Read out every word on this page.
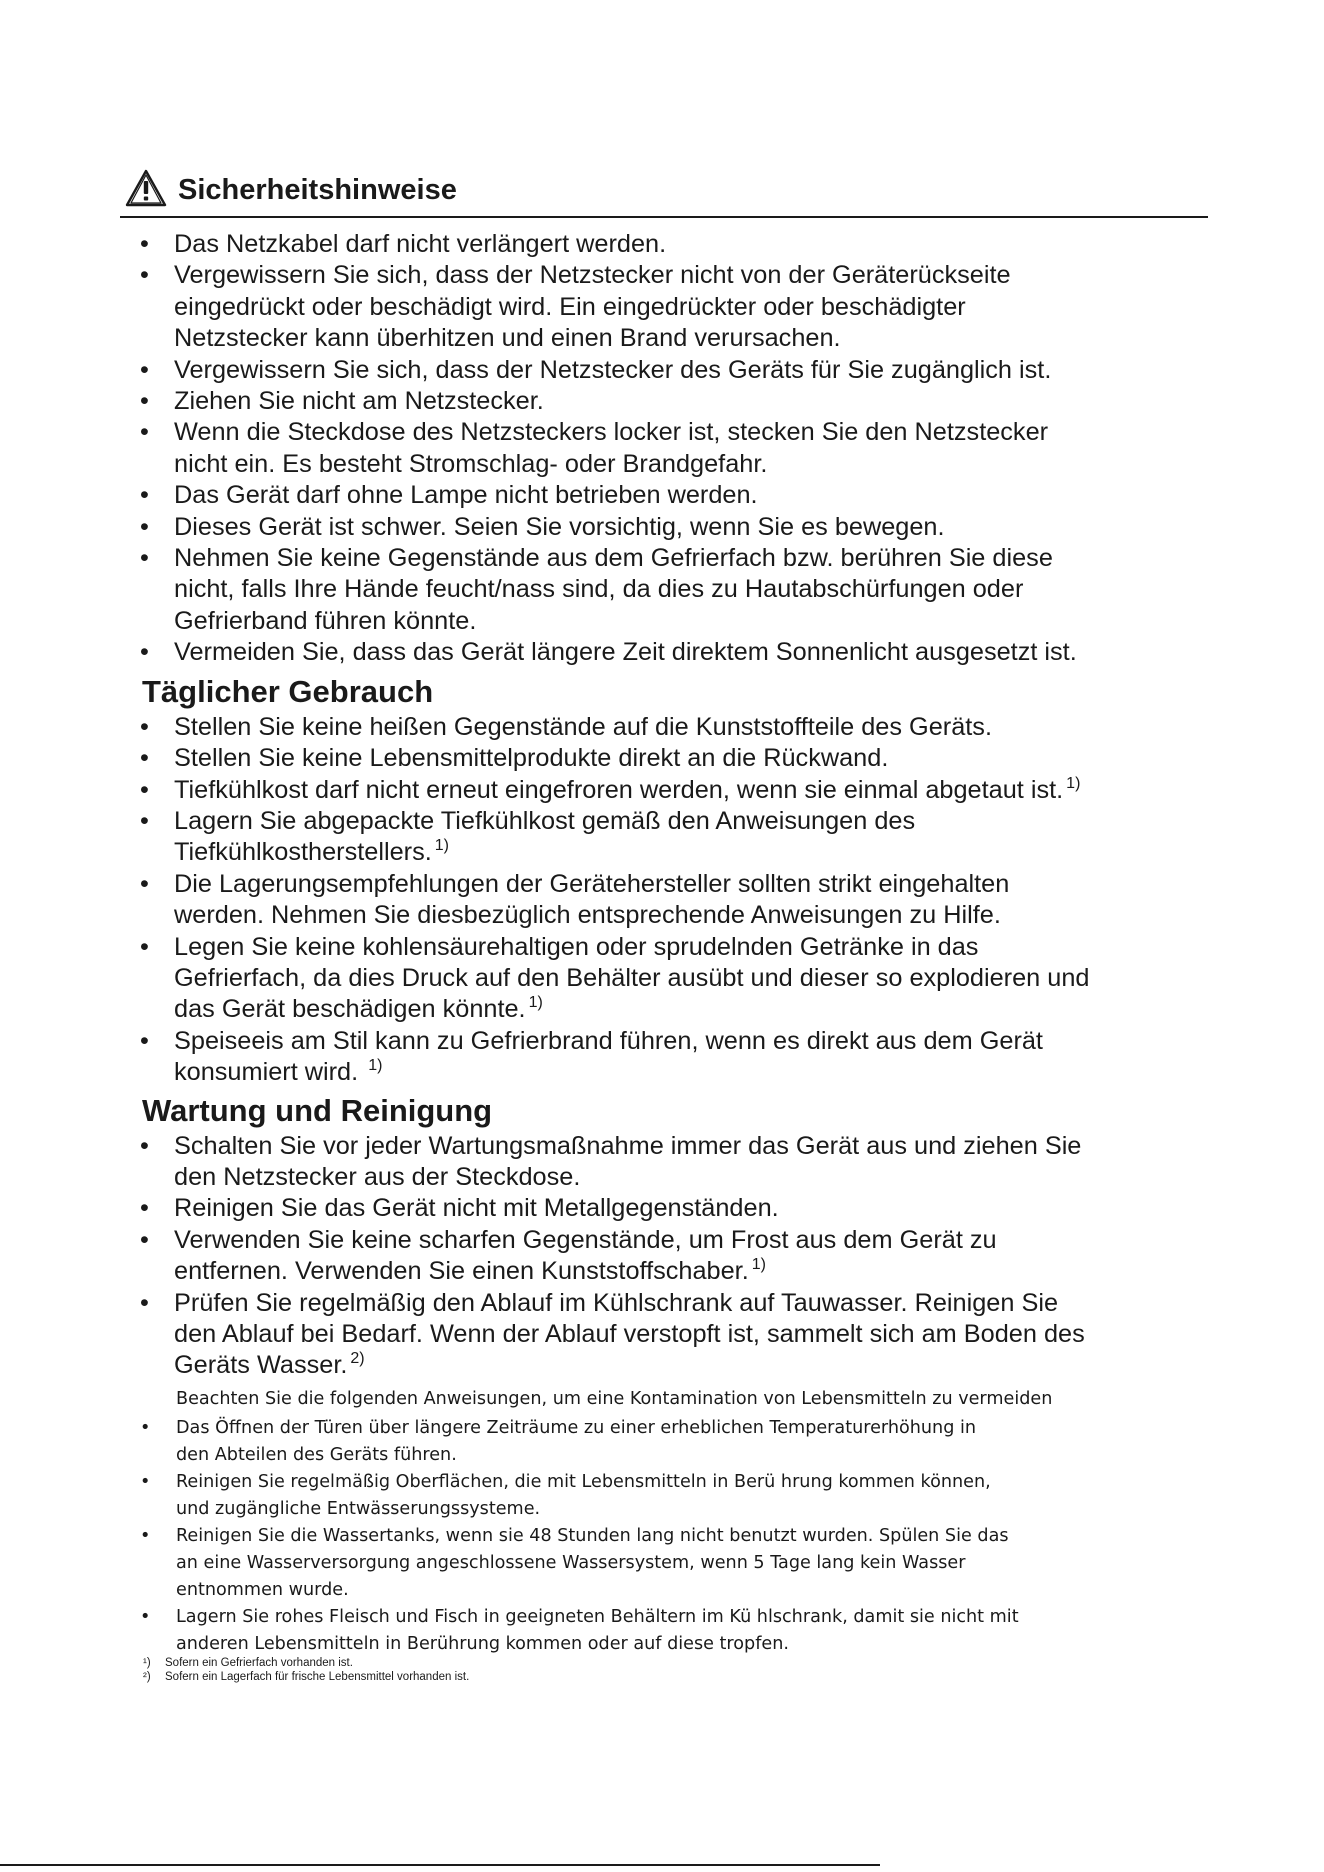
Sicherheitshinweise
• Das Netzkabel darf nicht verlängert werden.
• Vergewissern Sie sich, dass der Netzstecker nicht von der Geräterückseite
eingedrückt oder beschädigt wird. Ein eingedrückter oder beschädigter
Netzstecker kann überhitzen und einen Brand verursachen.
• Vergewissern Sie sich, dass der Netzstecker des Geräts für Sie zugänglich ist.
• Ziehen Sie nicht am Netzstecker.
• Wenn die Steckdose des Netzsteckers locker ist, stecken Sie den Netzstecker
nicht ein. Es besteht Stromschlag- oder Brandgefahr.
• Das Gerät darf ohne Lampe nicht betrieben werden.
• Dieses Gerät ist schwer. Seien Sie vorsichtig, wenn Sie es bewegen.
• Nehmen Sie keine Gegenstände aus dem Gefrierfach bzw. berühren Sie diese
nicht, falls Ihre Hände feucht/nass sind, da dies zu Hautabschürfungen oder
Gefrierband führen könnte.
• Vermeiden Sie, dass das Gerät längere Zeit direktem Sonnenlicht ausgesetzt ist.
Täglicher Gebrauch
• Stellen Sie keine heißen Gegenstände auf die Kunststoffteile des Geräts.
• Stellen Sie keine Lebensmittelprodukte direkt an die Rückwand.
• Tiefkühlkost darf nicht erneut eingefroren werden, wenn sie einmal abgetaut ist. $^{1)}$
• Lagern Sie abgepackte Tiefkühlkost gemäß den Anweisungen des
Tiefkühlkostherstellers. $^{1)}$
• Die Lagerungsempfehlungen der Gerätehersteller sollten strikt eingehalten
werden. Nehmen Sie diesbezüglich entsprechende Anweisungen zu Hilfe.
• Legen Sie keine kohlensäurehaltigen oder sprudelnden Getränke in das
Gefrierfach, da dies Druck auf den Behälter ausübt und dieser so explodieren und
das Gerät beschädigen könnte. $^{1)}$
• Speiseeis am Stil kann zu Gefrierbrand führen, wenn es direkt aus dem Gerät
konsumiert wird. $^{1)}$
Wartung und Reinigung
• Schalten Sie vor jeder Wartungsmaßnahme immer das Gerät aus und ziehen Sie
den Netzstecker aus der Steckdose.
• Reinigen Sie das Gerät nicht mit Metallgegenständen.
• Verwenden Sie keine scharfen Gegenstände, um Frost aus dem Gerät zu
entfernen. Verwenden Sie einen Kunststoffschaber. $^{1)}$
• Prüfen Sie regelmäßig den Ablauf im Kühlschrank auf Tauwasser. Reinigen Sie
den Ablauf bei Bedarf. Wenn der Ablauf verstopft ist, sammelt sich am Boden des
Geräts Wasser. $^{2)}$
Beachten Sie die folgenden Anweisungen, um eine Kontamination von Lebensmitteln zu vermeiden
• Das Öffnen der Türen über längere Zeiträume zu einer erheblichen Temperaturerhöhung in
den Abteilen des Geräts führen.
• Reinigen Sie regelmäßig Oberflächen, die mit Lebensmitteln in Berü hrung kommen können,
und zugängliche Entwässerungssysteme.
• Reinigen Sie die Wassertanks, wenn sie 48 Stunden lang nicht benutzt wurden. Spülen Sie das
an eine Wasserversorgung angeschlossene Wassersystem, wenn 5 Tage lang kein Wasser
entnommen wurde.
• Lagern Sie rohes Fleisch und Fisch in geeigneten Behältern im Kü hlschrank, damit sie nicht mit
anderen Lebensmitteln in Berührung kommen oder auf diese tropfen.
¹) Sofern ein Gefrierfach vorhanden ist.
²) Sofern ein Lagerfach für frische Lebensmittel vorhanden ist.
